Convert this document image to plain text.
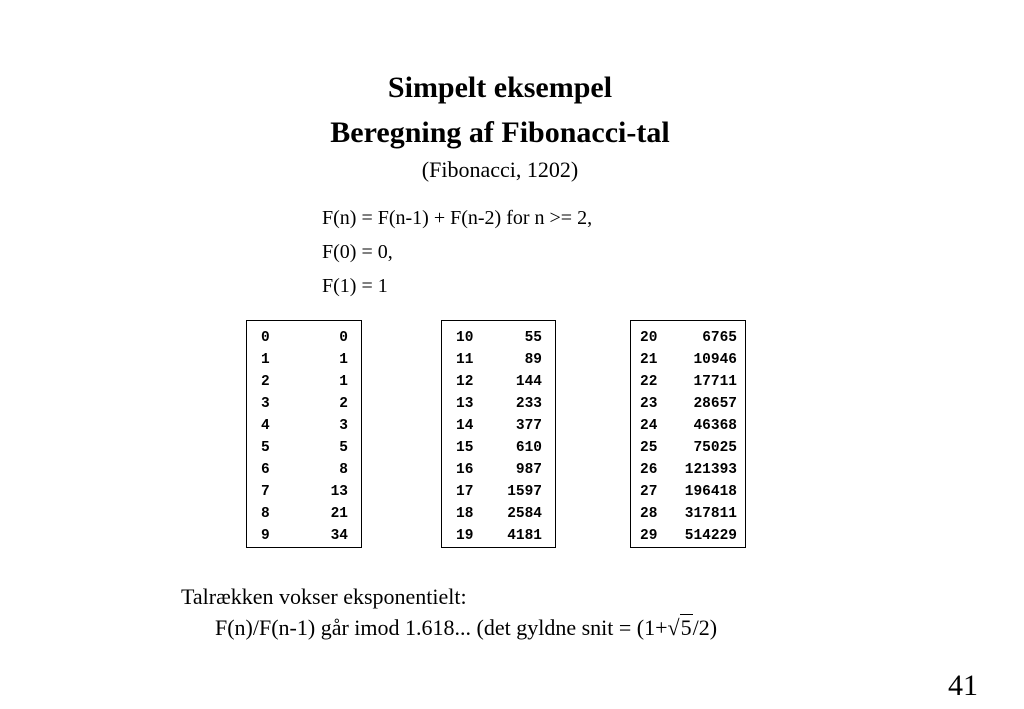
Simpelt eksempel
Beregning af Fibonacci-tal
(Fibonacci, 1202)
F(n) = F(n-1) + F(n-2) for n >= 2,
F(0) = 0,
F(1) = 1
0	0
1	1
2	1
3	2
4	3
5	5
6	8
7	13
8	21
9	34
10	55
11	89
12	144
13	233
14	377
15	610
16	987
17 1597
18 2584
19 4181
20	6765
21 10946
22 17711
23 28657
24 46368
25 75025
26 121393
27 196418
28 317811
29 514229
Talrækken vokser eksponentielt:
F(n)/F(n-1) går imod 1.618... (det gyldne snit = (1+√5/2)
41
